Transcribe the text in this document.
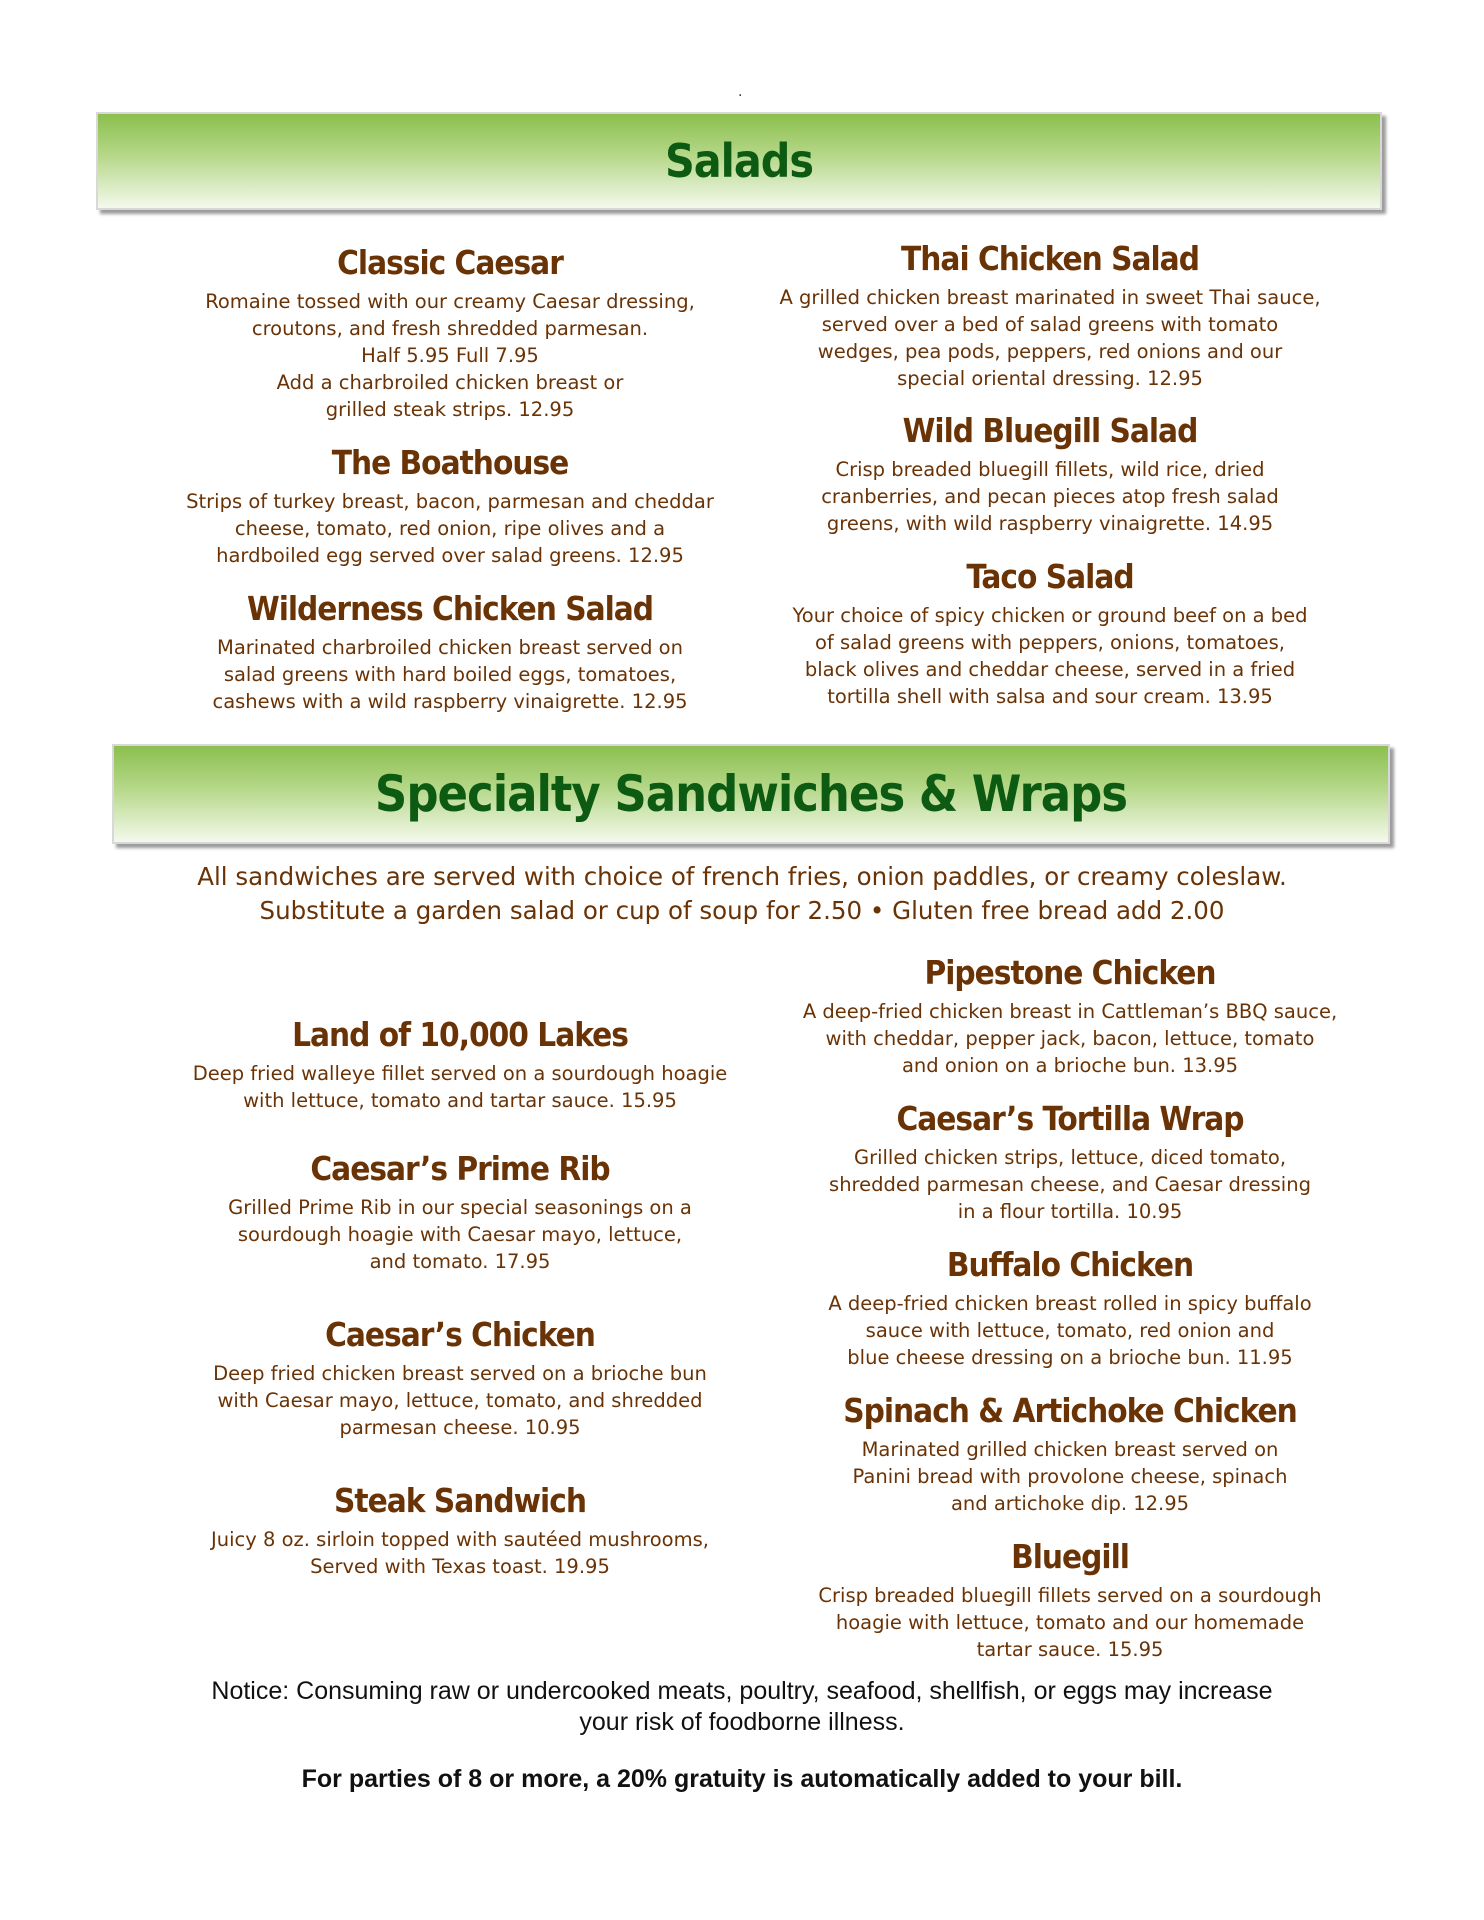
.
Salads
Classic Caesar

Romaine tossed with our creamy Caesar dressing,
croutons, and fresh shredded parmesan.
Half 5.95 Full 7.95
Add a charbroiled chicken breast or
grilled steak strips. 12.95

The Boathouse

Strips of turkey breast, bacon, parmesan and cheddar
cheese, tomato, red onion, ripe olives and a
hardboiled egg served over salad greens. 12.95

Wilderness Chicken Salad

Marinated charbroiled chicken breast served on
salad greens with hard boiled eggs, tomatoes,
cashews with a wild raspberry vinaigrette. 12.95

Thai Chicken Salad

A grilled chicken breast marinated in sweet Thai sauce,
served over a bed of salad greens with tomato
wedges, pea pods, peppers, red onions and our
special oriental dressing. 12.95

Wild Bluegill Salad

Crisp breaded bluegill fillets, wild rice, dried
cranberries, and pecan pieces atop fresh salad
greens, with wild raspberry vinaigrette. 14.95

Taco Salad

Your choice of spicy chicken or ground beef on a bed
of salad greens with peppers, onions, tomatoes,
black olives and cheddar cheese, served in a fried
tortilla shell with salsa and sour cream. 13.95

Specialty Sandwiches & Wraps
All sandwiches are served with choice of french fries, onion paddles, or creamy coleslaw.
Substitute a garden salad or cup of soup for 2.50 • Gluten free bread add 2.00
Land of 10,000 Lakes

Deep fried walleye fillet served on a sourdough hoagie
with lettuce, tomato and tartar sauce. 15.95

Caesar’s Prime Rib

Grilled Prime Rib in our special seasonings on a
sourdough hoagie with Caesar mayo, lettuce,
and tomato. 17.95

Caesar’s Chicken

Deep fried chicken breast served on a brioche bun
with Caesar mayo, lettuce, tomato, and shredded
parmesan cheese. 10.95

Steak Sandwich

Juicy 8 oz. sirloin topped with sautéed mushrooms,
Served with Texas toast. 19.95

Pipestone Chicken

A deep-fried chicken breast in Cattleman’s BBQ sauce,
with cheddar, pepper jack, bacon, lettuce, tomato
and onion on a brioche bun. 13.95

Caesar’s Tortilla Wrap

Grilled chicken strips, lettuce, diced tomato,
shredded parmesan cheese, and Caesar dressing
in a flour tortilla. 10.95

Buffalo Chicken

A deep-fried chicken breast rolled in spicy buffalo
sauce with lettuce, tomato, red onion and
blue cheese dressing on a brioche bun. 11.95

Spinach & Artichoke Chicken

Marinated grilled chicken breast served on
Panini bread with provolone cheese, spinach
and artichoke dip. 12.95

Bluegill

Crisp breaded bluegill fillets served on a sourdough
hoagie with lettuce, tomato and our homemade
tartar sauce. 15.95

Notice: Consuming raw or undercooked meats, poultry, seafood, shellfish, or eggs may increase
your risk of foodborne illness.
For parties of 8 or more, a 20% gratuity is automatically added to your bill.
